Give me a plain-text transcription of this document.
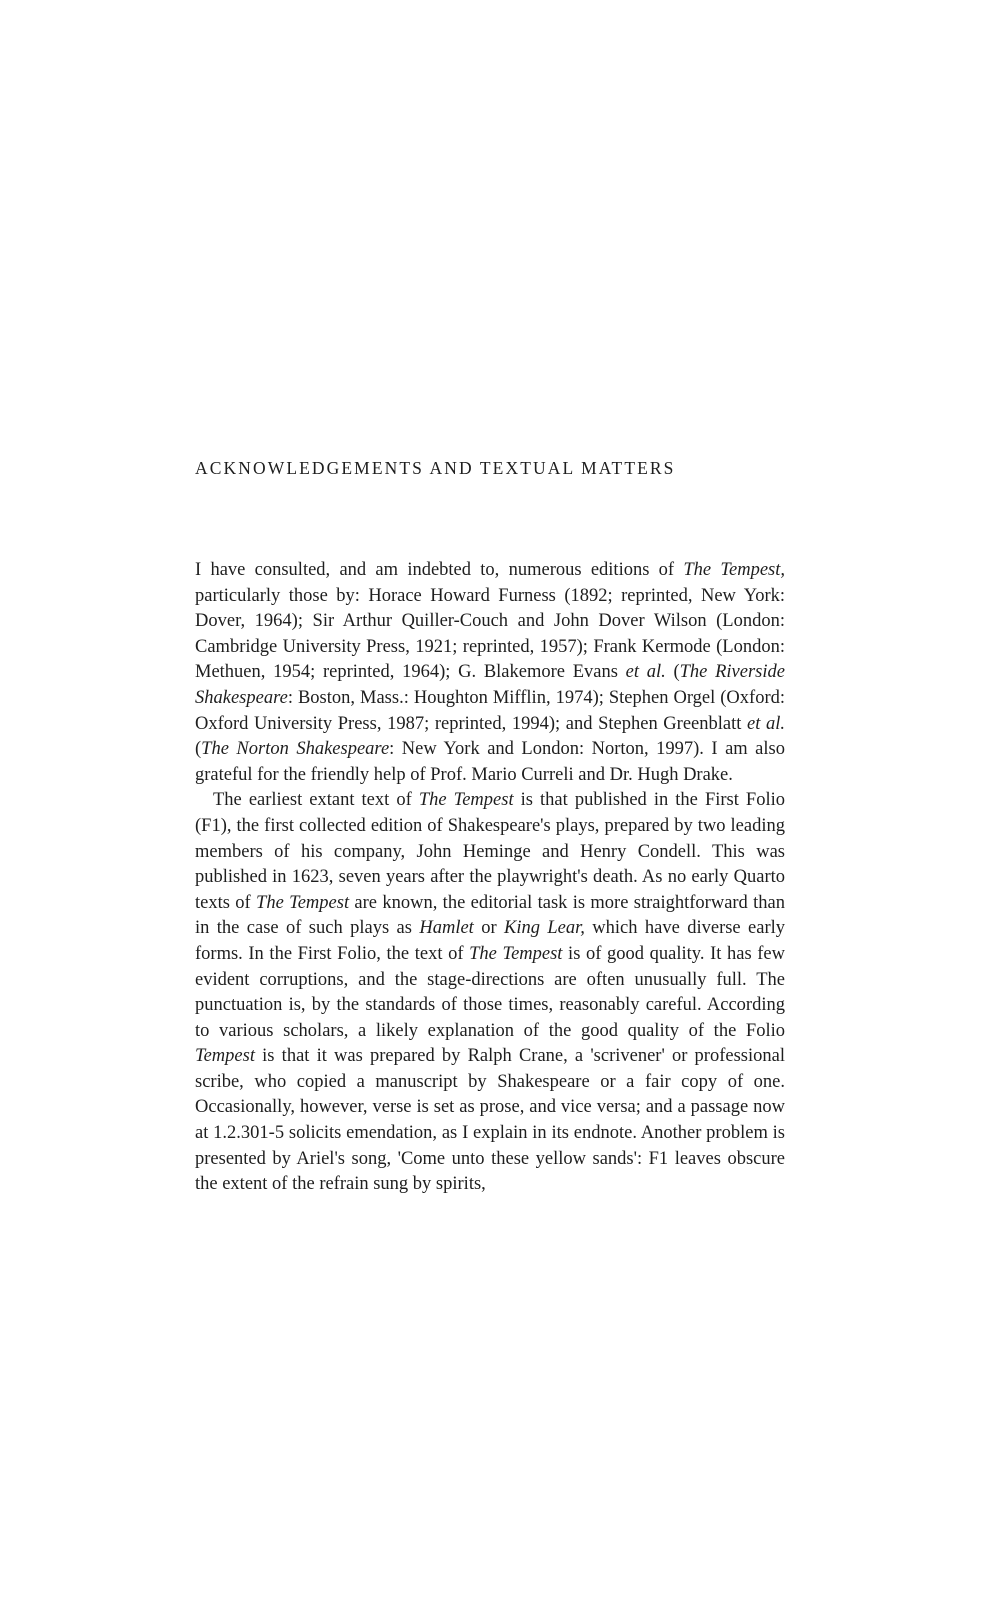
ACKNOWLEDGEMENTS AND TEXTUAL MATTERS

I have consulted, and am indebted to, numerous editions of The Tempest, particularly those by: Horace Howard Furness (1892; reprinted, New York: Dover, 1964); Sir Arthur Quiller-Couch and John Dover Wilson (London: Cambridge University Press, 1921; reprinted, 1957); Frank Kermode (London: Methuen, 1954; reprinted, 1964); G. Blakemore Evans et al. (The Riverside Shakespeare: Boston, Mass.: Houghton Mifflin, 1974); Stephen Orgel (Oxford: Oxford University Press, 1987; reprinted, 1994); and Stephen Greenblatt et al. (The Norton Shakespeare: New York and London: Norton, 1997). I am also grateful for the friendly help of Prof. Mario Curreli and Dr. Hugh Drake.

The earliest extant text of The Tempest is that published in the First Folio (F1), the first collected edition of Shakespeare's plays, prepared by two leading members of his company, John Heminge and Henry Condell. This was published in 1623, seven years after the playwright's death. As no early Quarto texts of The Tempest are known, the editorial task is more straightforward than in the case of such plays as Hamlet or King Lear, which have diverse early forms. In the First Folio, the text of The Tempest is of good quality. It has few evident corruptions, and the stage-directions are often unusually full. The punctuation is, by the standards of those times, reasonably careful. According to various scholars, a likely explanation of the good quality of the Folio Tempest is that it was prepared by Ralph Crane, a 'scrivener' or professional scribe, who copied a manuscript by Shakespeare or a fair copy of one. Occasionally, however, verse is set as prose, and vice versa; and a passage now at 1.2.301-5 solicits emendation, as I explain in its endnote. Another problem is presented by Ariel's song, 'Come unto these yellow sands': F1 leaves obscure the extent of the refrain sung by spirits,
